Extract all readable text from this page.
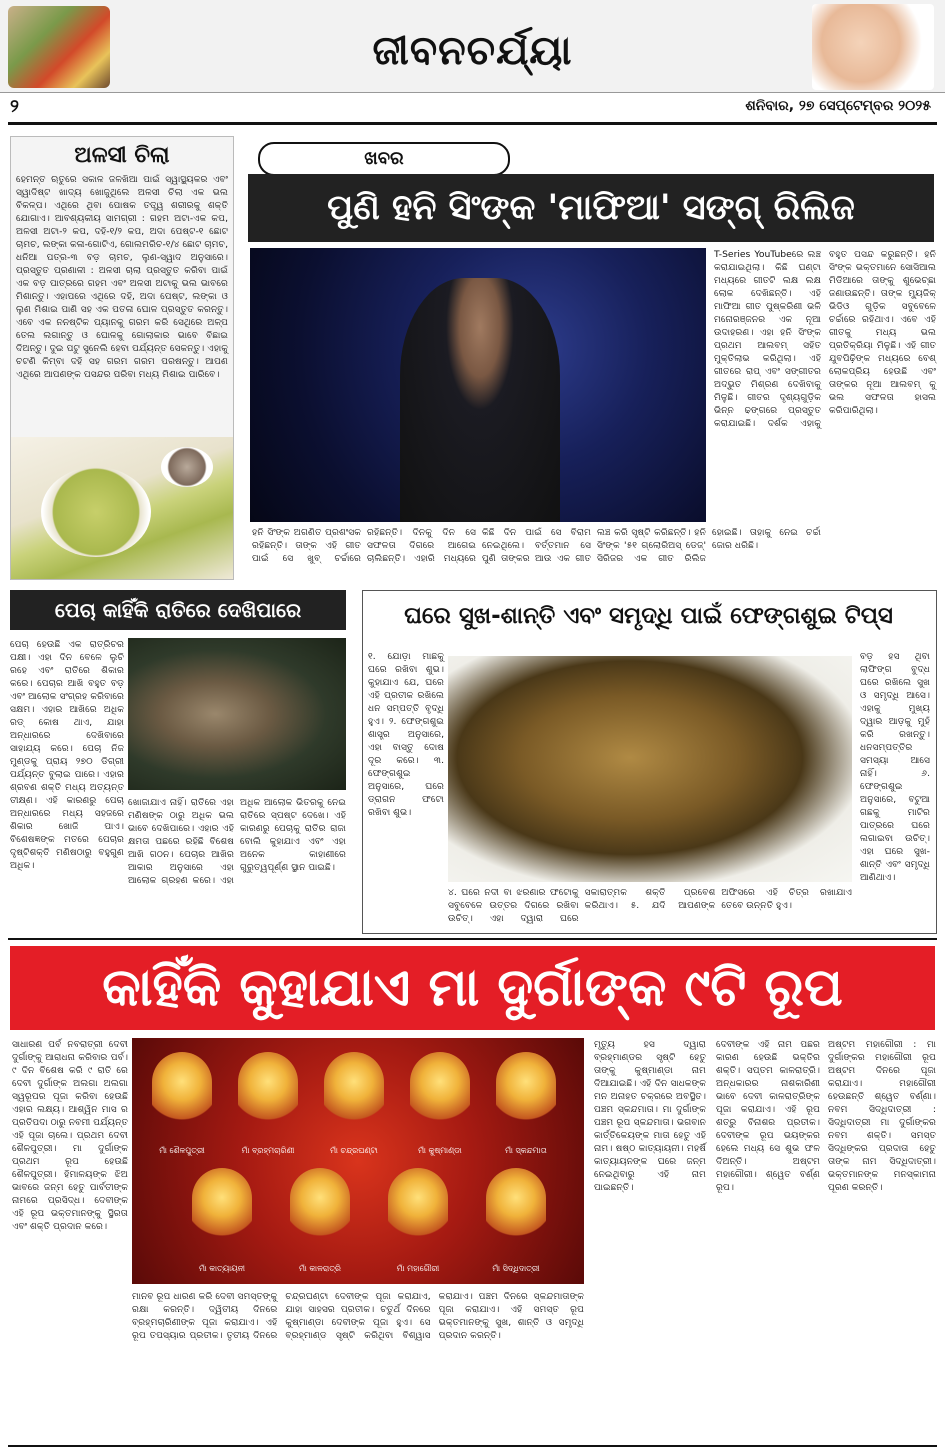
ଜୀବନଚର୍ଯ୍ୟା
୨	ଶନିବାର, ୨୭ ସେପ୍ଟେମ୍ବର ୨୦୨୫
ଅଳସୀ ଚିଲା
ହେମନ୍ତ ଋତୁରେ ସକାଳ ଜଳଖିଆ ପାଇଁ ସ୍ୱାସ୍ଥ୍ୟକର ଏବଂ ସ୍ୱାଦିଷ୍ଟ ଖାଦ୍ୟ ଖୋଜୁଥିଲେ ଅଳସୀ ଚିଲା ଏକ ଭଲ ବିକଳ୍ପ। ଏଥିରେ ଥିବା ପୋଷକ ତତ୍ତ୍ୱ ଶରୀରକୁ ଶକ୍ତି ଯୋଗାଏ। ଆବଶ୍ୟକୀୟ ସାମଗ୍ରୀ : ଗହମ ଅଟା-ଏକ କପ, ଅଳସୀ ଅଟା-୨ କପ, ଦହି-୧/୨ କପ, ଅଦା ପେଷ୍ଟ-୧ ଛୋଟ ଚାମଚ, ଲଙ୍କା କଳା-ଗୋଟିଏ, ଗୋଲମରିଚ-୧/୪ ଛୋଟ ଚାମଚ, ଧନିଆ ପତ୍ର-୩ ବଡ଼ ଚାମଚ, ଲୁଣ-ସ୍ୱାଦ ଅନୁସାରେ। ପ୍ରସ୍ତୁତ ପ୍ରଣାଳୀ : ଅଳସୀ ଚାଲା ପ୍ରସ୍ତୁତ କରିବା ପାଇଁ ଏକ ବଡ଼ ପାତ୍ରରେ ଗହମ ଏବଂ ଅଳସୀ ଅଟାକୁ ଭଲ ଭାବରେ ମିଶାନ୍ତୁ। ଏହାପରେ ଏଥିରେ ଦହି, ଅଦା ପେଷ୍ଟ, ଲଙ୍କା ଓ ଲୁଣ ମିଶାଇ ପାଣି ସହ ଏକ ପତଳା ଘୋଳ ପ୍ରସ୍ତୁତ କରନ୍ତୁ। ଏବେ ଏକ ନନଷ୍ଟିକ ପ୍ୟାନକୁ ଗରମ କରି ସେଥିରେ ଅଳ୍ପ ତେଲ ଲଗାନ୍ତୁ ଓ ଘୋଳକୁ ଗୋଲାକାର ଭାବେ ବିଛାଇ ଦିଅନ୍ତୁ। ଦୁଇ ପଟୁ ସୁନେଲି ହେବା ପର୍ଯ୍ୟନ୍ତ ସେକନ୍ତୁ। ଏହାକୁ ଚଟଣି କିମ୍ବା ଦହି ସହ ଗରମ ଗରମ ପରଷନ୍ତୁ। ଆପଣ ଏଥିରେ ଆପଣଙ୍କ ପସନ୍ଦର ପରିବା ମଧ୍ୟ ମିଶାଇ ପାରିବେ।
ଖବର
ପୁଣି ହନି ସିଂଙ୍କ 'ମାଫିଆ' ସଙ୍ଗ୍ ରିଲିଜ
ହନି ସିଂଙ୍କ ଅଗଣିତ ପ୍ରଶଂସକ ରହିଛନ୍ତି। ତାଙ୍କ ଏହି ଗୀତ ପାଇଁ ସେ ଖୁବ୍ ଚର୍ଚ୍ଚାରେ ରହିଛନ୍ତି। ଦିନକୁ ଦିନ ସେ ସଫଳତା ଦିଗରେ ଆଗେଇ ଚାଲିଛନ୍ତି। ଏହାରି ମଧ୍ୟରେ କିଛି ଦିନ ପାଇଁ ସେ ବିରାମ ନେଇଥିଲେ। ବର୍ତ୍ତମାନ ସେ ପୁଣି ତାଙ୍କର ଆଉ ଏକ ଗୀତ ଲଞ୍ଚ କରି ସୃଷ୍ଟି କରିଛନ୍ତି। ହନି ସିଂଙ୍କ '୫୧ ଗ୍ଲୋରିଅସ୍ ଡେଜ୍' ସିରିଜର ଏକ ଗୀତ ରିଲିଜ ହୋଇଛି। ତାହାକୁ ନେଇ ଚର୍ଚ୍ଚା ଜୋର ଧରିଛି।
T-Series YouTubeରେ ଲଞ୍ଚ କରାଯାଇଥିଲା। କିଛି ଘଣ୍ଟା ମଧ୍ୟରେ ଗୀତଟି ଲକ୍ଷ ଲକ୍ଷ ଲୋକ ଦେଖିଛନ୍ତି। ଏହି ମାଫିଆ ଗୀତ ପୁଷ୍କରିଣୀ ଭଳି ମନୋରଞ୍ଜନର ଏକ ନୂଆ ଉଦାହରଣ। ଏହା ହନି ସିଂଙ୍କ ପ୍ରଥମ ଆଲବମ୍ ସହିତ ମୁକ୍ତିଲାଭ କରିଥିଲା। ଏହି ଗୀତରେ ରାପ୍ ଏବଂ ସଙ୍ଗୀତର ଅଦ୍ଭୁତ ମିଶ୍ରଣ ଦେଖିବାକୁ ମିଳୁଛି। ଗୀତର ଦୃଶ୍ୟଗୁଡ଼ିକ ଭିନ୍ନ ଢଙ୍ଗରେ ପ୍ରସ୍ତୁତ କରାଯାଇଛି। ଦର୍ଶକ ଏହାକୁ ବହୁତ ପସନ୍ଦ କରୁଛନ୍ତି। ହନି ସିଂଙ୍କ ଭକ୍ତମାନେ ସୋସିଆଲ ମିଡିଆରେ ତାଙ୍କୁ ଶୁଭେଚ୍ଛା ଜଣାଉଛନ୍ତି। ତାଙ୍କ ମ୍ୟୁଜିକ୍ ଭିଡିଓ ଗୁଡ଼ିକ ସବୁବେଳେ ଚର୍ଚ୍ଚାରେ ରହିଥାଏ। ଏବେ ଏହି ଗୀତକୁ ମଧ୍ୟ ଭଲ ପ୍ରତିକ୍ରିୟା ମିଳୁଛି। ଏହି ଗୀତ ଯୁବପିଢ଼ିଙ୍କ ମଧ୍ୟରେ ବେଶ୍ ଲୋକପ୍ରିୟ ହେଉଛି ଏବଂ ତାଙ୍କର ନୂଆ ଆଲବମ୍ କୁ ଭଲ ସଫଳତା ହାସଲ କରିପାରିଥିଲା।
ପେଚା କାହିଁକି ରାତିରେ ଦେଖିପାରେ
ପେଚା ହେଉଛି ଏକ ରାତ୍ରିଚର ପକ୍ଷୀ। ଏହା ଦିନ ବେଳେ ଲୁଚି ରହେ ଏବଂ ରାତିରେ ଶିକାର କରେ। ପେଚାର ଆଖି ବହୁତ ବଡ଼ ଏବଂ ଆଲୋକ ସଂଗ୍ରହ କରିବାରେ ସକ୍ଷମ। ଏହାର ଆଖିରେ ଅଧିକ ରଡ୍ କୋଷ ଥାଏ, ଯାହା ଅନ୍ଧାରରେ ଦେଖିବାରେ ସାହାଯ୍ୟ କରେ। ପେଚା ନିଜ ମୁଣ୍ଡକୁ ପ୍ରାୟ ୨୭୦ ଡିଗ୍ରୀ ପର୍ଯ୍ୟନ୍ତ ବୁଲାଇ ପାରେ। ଏହାର ଶ୍ରବଣ ଶକ୍ତି ମଧ୍ୟ ଅତ୍ୟନ୍ତ ତୀକ୍ଷ୍ଣ। ଏହି କାରଣରୁ ପେଚା ଅନ୍ଧାରରେ ମଧ୍ୟ ସହଜରେ ଶିକାର ଖୋଜି ପାଏ। ବିଶେଷଜ୍ଞଙ୍କ ମତରେ ପେଚାର ଦୃଷ୍ଟିଶକ୍ତି ମଣିଷଠାରୁ ବହୁଗୁଣ ଅଧିକ।
ଖୋଜାଯାଏ ନାହିଁ। ରାତିରେ ଏହା ମଣିଷଙ୍କ ଠାରୁ ଅଧିକ ଭଲ ଭାବେ ଦେଖିପାରେ। ଏହାର ଏହି କ୍ଷମତା ପଛରେ ରହିଛି ବିଶେଷ ଆଖି ଗଠନ। ପେଚାର ଆଖିର ଆକାର ଅନୁସାରେ ଏହା ଆଲୋକ ଗ୍ରହଣ କରେ। ଏହା ଅଧିକ ଆଲୋକ ଭିତରକୁ ନେଇ ରାତିରେ ସ୍ପଷ୍ଟ ଦେଖେ। ଏହି କାରଣରୁ ପେଚାକୁ ରାତିର ରାଜା ବୋଲି କୁହାଯାଏ ଏବଂ ଏହା ଅନେକ କାହାଣୀରେ ଗୁରୁତ୍ୱପୂର୍ଣ୍ଣ ସ୍ଥାନ ପାଇଛି।
ଘରେ ସୁଖ-ଶାନ୍ତି ଏବଂ ସମୃଦ୍ଧି ପାଇଁ ଫେଙ୍ଗଶୁଇ ଟିପ୍ସ
୧. ଯୋଡ଼ା ମାଛକୁ ଘରେ ରଖିବା ଶୁଭ। କୁହାଯାଏ ଯେ, ଘରେ ଏହି ପ୍ରତୀକ ରଖିଲେ ଧନ ସମ୍ପତ୍ତି ବୃଦ୍ଧି ହୁଏ। ୨. ଫେଙ୍ଗଶୁଇ ଶାସ୍ତ୍ର ଅନୁସାରେ, ଏହା ବାସ୍ତୁ ଦୋଷ ଦୂର କରେ। ୩. ଫେଙ୍ଗଶୁଇ ଅନୁସାରେ, ଘରେ ଡ୍ରାଗନ ଫଟୋ ରଖିବା ଶୁଭ।
ବଡ଼ ହସ ଥିବା ଲାଫିଙ୍ଗ ବୁଦ୍ଧ ଘରେ ରଖିଲେ ସୁଖ ଓ ସମୃଦ୍ଧି ଆସେ। ଏହାକୁ ମୁଖ୍ୟ ଦ୍ୱାର ଆଡ଼କୁ ମୁହଁ କରି ରଖନ୍ତୁ। ଧନସମ୍ପତ୍ତିର ସମସ୍ୟା ଆସେ ନାହିଁ। ୬. ଫେଙ୍ଗଶୁଇ ଅନୁସାରେ, ବଟୁଆ ଗଛକୁ ମାଟିର ପାତ୍ରରେ ଘରେ ଲଗାଇବା ଉଚିତ୍। ଏହା ଘରେ ସୁଖ-ଶାନ୍ତି ଏବଂ ସମୃଦ୍ଧି ଆଣିଥାଏ।
୪. ଘରେ ନଦୀ ବା ଝରଣାର ଫଟୋକୁ ସବୁବେଳେ ଉତ୍ତର ଦିଗରେ ରଖିବା ଉଚିତ୍। ଏହା ଦ୍ୱାରା ଘରେ ସକାରାତ୍ମକ ଶକ୍ତି ପ୍ରବେଶ କରିଥାଏ। ୫. ଯଦି ଆପଣଙ୍କ ଅଫିସରେ ଏହି ଚିତ୍ର ରଖାଯାଏ ତେବେ ଉନ୍ନତି ହୁଏ।
କାହିଁକି କୁହାଯାଏ ମା ଦୁର୍ଗାଙ୍କ ୯ଟି ରୂପ
ସାଧାରଣ ପର୍ବ ନବରାତ୍ରୀ ଦେବୀ ଦୁର୍ଗାଙ୍କୁ ଆରାଧନା କରିବାର ପର୍ବ। ୯ ଦିନ ବିଶେଷ କରି ୯ ରାତି ରେ ଦେବୀ ଦୁର୍ଗାଙ୍କ ଅଲଗା ଅଲଗା ସ୍ୱରୂପର ପୂଜା କରିବା ହେଉଛି ଏହାର ଲକ୍ଷ୍ୟ। ଆଶ୍ୱିନ ମାସ ର ପ୍ରତିପଦା ଠାରୁ ନବମୀ ପର୍ଯ୍ୟନ୍ତ ଏହି ପୂଜା ଚାଲେ। ପ୍ରଥମ ଦେବୀ ଶୈଳପୁତ୍ରୀ। ମା ଦୁର୍ଗାଙ୍କ ପ୍ରଥମ ରୂପ ହେଉଛି ଶୈଳପୁତ୍ରୀ। ହିମାଳୟଙ୍କ ଝିଅ ଭାବରେ ଜନ୍ମ ହେତୁ ପାର୍ବତୀଙ୍କ ନାମରେ ପ୍ରସିଦ୍ଧ। ଦେବୀଙ୍କ ଏହି ରୂପ ଭକ୍ତମାନଙ୍କୁ ସ୍ଥିରତା ଏବଂ ଶକ୍ତି ପ୍ରଦାନ କରେ।
ମାଁ ଶୈଳପୁତ୍ରୀ	ମାଁ ବ୍ରହ୍ମଚାରିଣୀ	ମାଁ ଚନ୍ଦ୍ରଘଣ୍ଟା	ମାଁ କୁଷ୍ମାଣ୍ଡା	ମାଁ ସ୍କନ୍ଦମାତା
ମାଁ କାତ୍ୟାୟନୀ	ମାଁ କାଳରାତ୍ରି	ମାଁ ମହାଗୌରୀ	ମାଁ ସିଦ୍ଧିଦାତ୍ରୀ
ମାନବ ରୂପ ଧାରଣ କରି ଦେବୀ ସମସ୍ତଙ୍କୁ ରକ୍ଷା କରନ୍ତି। ଦ୍ୱିତୀୟ ଦିନରେ ବ୍ରହ୍ମଚାରିଣୀଙ୍କ ପୂଜା କରାଯାଏ। ଏହି ରୂପ ତପସ୍ୟାର ପ୍ରତୀକ। ତୃତୀୟ ଦିନରେ ଚନ୍ଦ୍ରଘଣ୍ଟା ଦେବୀଙ୍କ ପୂଜା କରାଯାଏ, ଯାହା ସାହସର ପ୍ରତୀକ। ଚତୁର୍ଥ ଦିନରେ କୁଷ୍ମାଣ୍ଡା ଦେବୀଙ୍କ ପୂଜା ହୁଏ। ସେ ବ୍ରହ୍ମାଣ୍ଡ ସୃଷ୍ଟି କରିଥିବା ବିଶ୍ୱାସ କରାଯାଏ। ପଞ୍ଚମ ଦିନରେ ସ୍କନ୍ଦମାତାଙ୍କ ପୂଜା କରାଯାଏ। ଏହି ସମସ୍ତ ରୂପ ଭକ୍ତମାନଙ୍କୁ ସୁଖ, ଶାନ୍ତି ଓ ସମୃଦ୍ଧି ପ୍ରଦାନ କରନ୍ତି।
ମୃତ୍ୟୁ ହସ ଦ୍ୱାରା ବ୍ରହ୍ମାଣ୍ଡର ସୃଷ୍ଟି ହେତୁ ତାଙ୍କୁ କୁଷ୍ମାଣ୍ଡା ନାମ ଦିଆଯାଇଛି। ଏହି ଦିନ ସାଧକଙ୍କ ମନ ଅନାହତ ଚକ୍ରରେ ଅବସ୍ଥିତ। ପଞ୍ଚମ ସ୍କନ୍ଦମାତା। ମା ଦୁର୍ଗାଙ୍କ ପଞ୍ଚମ ରୂପ ସ୍କନ୍ଦମାତା। ଭଗବାନ କାର୍ତ୍ତିକେୟଙ୍କ ମାତା ହେତୁ ଏହି ନାମ। ଷଷ୍ଠ କାତ୍ୟାୟନୀ। ମହର୍ଷି କାତ୍ୟାୟନଙ୍କ ଘରେ ଜନ୍ମ ନେଇଥିବାରୁ ଏହି ନାମ ପାଇଛନ୍ତି।
ଦେବୀଙ୍କ ଏହି ନାମ ପଛର କାରଣ ହେଉଛି ଭକ୍ତିର ଶକ୍ତି। ସପ୍ତମ କାଳରାତ୍ରି। ଅନ୍ଧକାରର ନାଶକାରିଣୀ ଭାବେ ଦେବୀ କାଳରାତ୍ରିଙ୍କ ପୂଜା କରାଯାଏ। ଏହି ରୂପ ଶତ୍ରୁ ବିନାଶର ପ୍ରତୀକ। ଦେବୀଙ୍କ ରୂପ ଭୟଙ୍କର ହେଲେ ମଧ୍ୟ ସେ ଶୁଭ ଫଳ ଦିଅନ୍ତି। ଅଷ୍ଟମ ମହାଗୌରୀ। ଶ୍ୱେତ ବର୍ଣ୍ଣ ରୂପ।
ଅଷ୍ଟମ ମହାଗୌରୀ : ମା ଦୁର୍ଗାଙ୍କର ମହାଗୌରୀ ରୂପ ଅଷ୍ଟମ ଦିନରେ ପୂଜା କରାଯାଏ। ମହାଗୌରୀ ହେଉଛନ୍ତି ଶ୍ୱେତ ବର୍ଣ୍ଣା। ନବମ ସିଦ୍ଧିଦାତ୍ରୀ : ସିଦ୍ଧିଦାତ୍ରୀ ମା ଦୁର୍ଗାଙ୍କର ନବମ ଶକ୍ତି। ସମସ୍ତ ସିଦ୍ଧିଙ୍କର ପ୍ରଦାତା ହେତୁ ତାଙ୍କ ନାମ ସିଦ୍ଧିଦାତ୍ରୀ। ଭକ୍ତମାନଙ୍କ ମନସ୍କାମନା ପୂରଣ କରନ୍ତି।
